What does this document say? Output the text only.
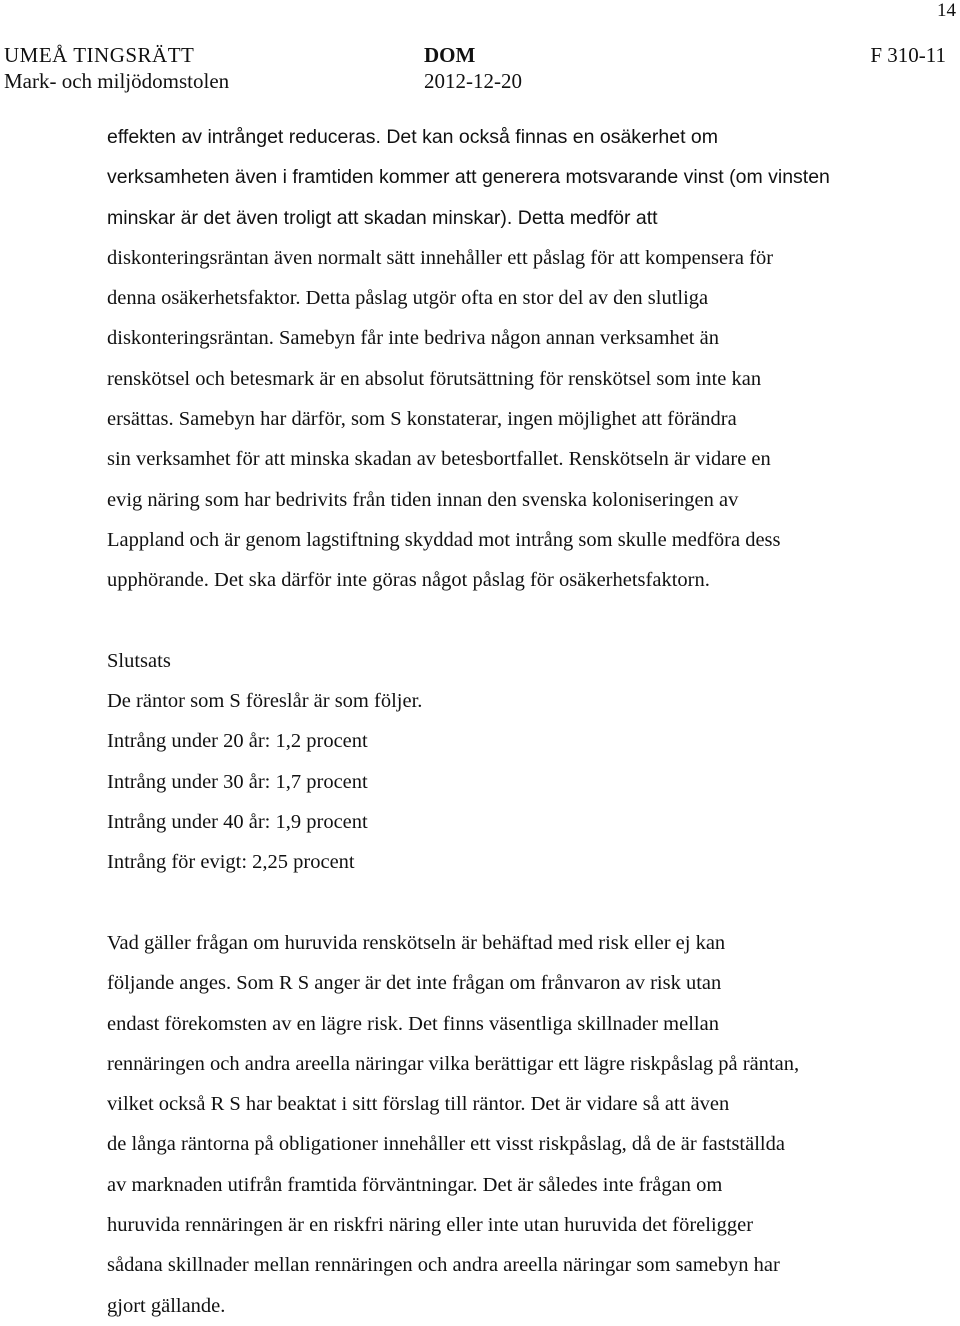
14
UMEÅ TINGSRÄTT
Mark- och miljödomstolen
DOM
2012-12-20
F 310-11
effekten av intrånget reduceras. Det kan också finnas en osäkerhet om
verksamheten även i framtiden kommer att generera motsvarande vinst (om vinsten
minskar är det även troligt att skadan minskar). Detta medför att
diskonteringsräntan även normalt sätt innehåller ett påslag för att kompensera för
denna osäkerhetsfaktor. Detta påslag utgör ofta en stor del av den slutliga
diskonteringsräntan. Samebyn får inte bedriva någon annan verksamhet än
renskötsel och betesmark är en absolut förutsättning för renskötsel som inte kan
ersättas. Samebyn har därför, som S konstaterar, ingen möjlighet att förändra
sin verksamhet för att minska skadan av betesbortfallet. Renskötseln är vidare en
evig näring som har bedrivits från tiden innan den svenska koloniseringen av
Lappland och är genom lagstiftning skyddad mot intrång som skulle medföra dess
upphörande. Det ska därför inte göras något påslag för osäkerhetsfaktorn.
Slutsats
De räntor som S föreslår är som följer.
Intrång under 20 år: 1,2 procent
Intrång under 30 år: 1,7 procent
Intrång under 40 år: 1,9 procent
Intrång för evigt: 2,25 procent
Vad gäller frågan om huruvida renskötseln är behäftad med risk eller ej kan
följande anges. Som R S anger är det inte frågan om frånvaron av risk utan
endast förekomsten av en lägre risk. Det finns väsentliga skillnader mellan
rennäringen och andra areella näringar vilka berättigar ett lägre riskpåslag på räntan,
vilket också R S har beaktat i sitt förslag till räntor. Det är vidare så att även
de långa räntorna på obligationer innehåller ett visst riskpåslag, då de är fastställda
av marknaden utifrån framtida förväntningar. Det är således inte frågan om
huruvida rennäringen är en riskfri näring eller inte utan huruvida det föreligger
sådana skillnader mellan rennäringen och andra areella näringar som samebyn har
gjort gällande.
